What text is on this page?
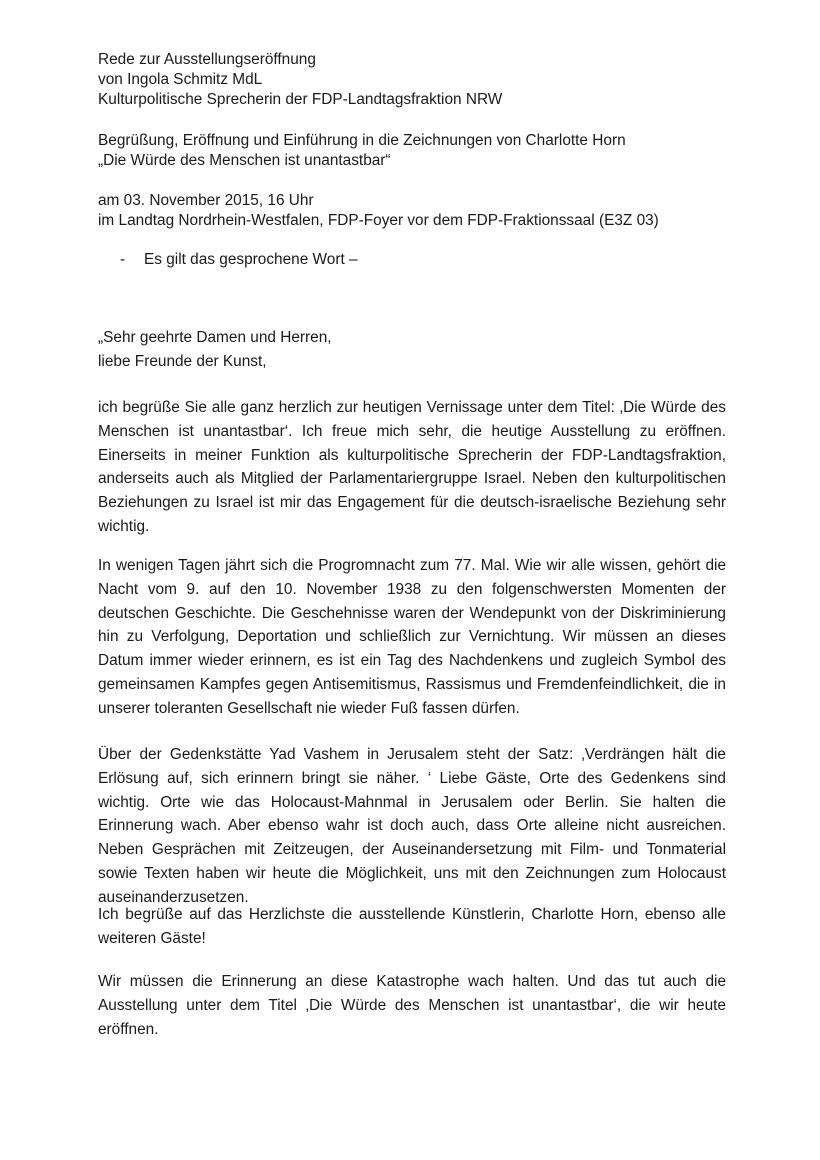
Rede zur Ausstellungseröffnung
von Ingola Schmitz MdL
Kulturpolitische Sprecherin der FDP-Landtagsfraktion NRW
Begrüßung, Eröffnung und Einführung in die Zeichnungen von Charlotte Horn
„Die Würde des Menschen ist unantastbar“
am 03. November 2015, 16 Uhr
im Landtag Nordrhein-Westfalen, FDP-Foyer vor dem FDP-Fraktionssaal (E3Z 03)
-	Es gilt das gesprochene Wort –
„Sehr geehrte Damen und Herren,
liebe Freunde der Kunst,

ich begrüße Sie alle ganz herzlich zur heutigen Vernissage unter dem Titel: ‚Die Würde des Menschen ist unantastbar‘. Ich freue mich sehr, die heutige Ausstellung zu eröffnen. Einerseits in meiner Funktion als kulturpolitische Sprecherin der FDP-Landtagsfraktion, anderseits auch als Mitglied der Parlamentariergruppe Israel. Neben den kulturpolitischen Beziehungen zu Israel ist mir das Engagement für die deutsch-israelische Beziehung sehr wichtig.

In wenigen Tagen jährt sich die Progromnacht zum 77. Mal. Wie wir alle wissen, gehört die Nacht vom 9. auf den 10. November 1938 zu den folgenschwersten Momenten der deutschen Geschichte. Die Geschehnisse waren der Wendepunkt von der Diskriminierung hin zu Verfolgung, Deportation und schließlich zur Vernichtung. Wir müssen an dieses Datum immer wieder erinnern, es ist ein Tag des Nachdenkens und zugleich Symbol des gemeinsamen Kampfes gegen Antisemitismus, Rassismus und Fremdenfeindlichkeit, die in unserer toleranten Gesellschaft nie wieder Fuß fassen dürfen.

Über der Gedenkstätte Yad Vashem in Jerusalem steht der Satz: ‚Verdrängen hält die Erlösung auf, sich erinnern bringt sie näher. ‘ Liebe Gäste, Orte des Gedenkens sind wichtig. Orte wie das Holocaust-Mahnmal in Jerusalem oder Berlin. Sie halten die Erinnerung wach. Aber ebenso wahr ist doch auch, dass Orte alleine nicht ausreichen. Neben Gesprächen mit Zeitzeugen, der Auseinandersetzung mit Film- und Tonmaterial sowie Texten haben wir heute die Möglichkeit, uns mit den Zeichnungen zum Holocaust auseinanderzusetzen.

Ich begrüße auf das Herzlichste die ausstellende Künstlerin, Charlotte Horn, ebenso alle weiteren Gäste!

Wir müssen die Erinnerung an diese Katastrophe wach halten. Und das tut auch die Ausstellung unter dem Titel ‚Die Würde des Menschen ist unantastbar‘, die wir heute eröffnen.
